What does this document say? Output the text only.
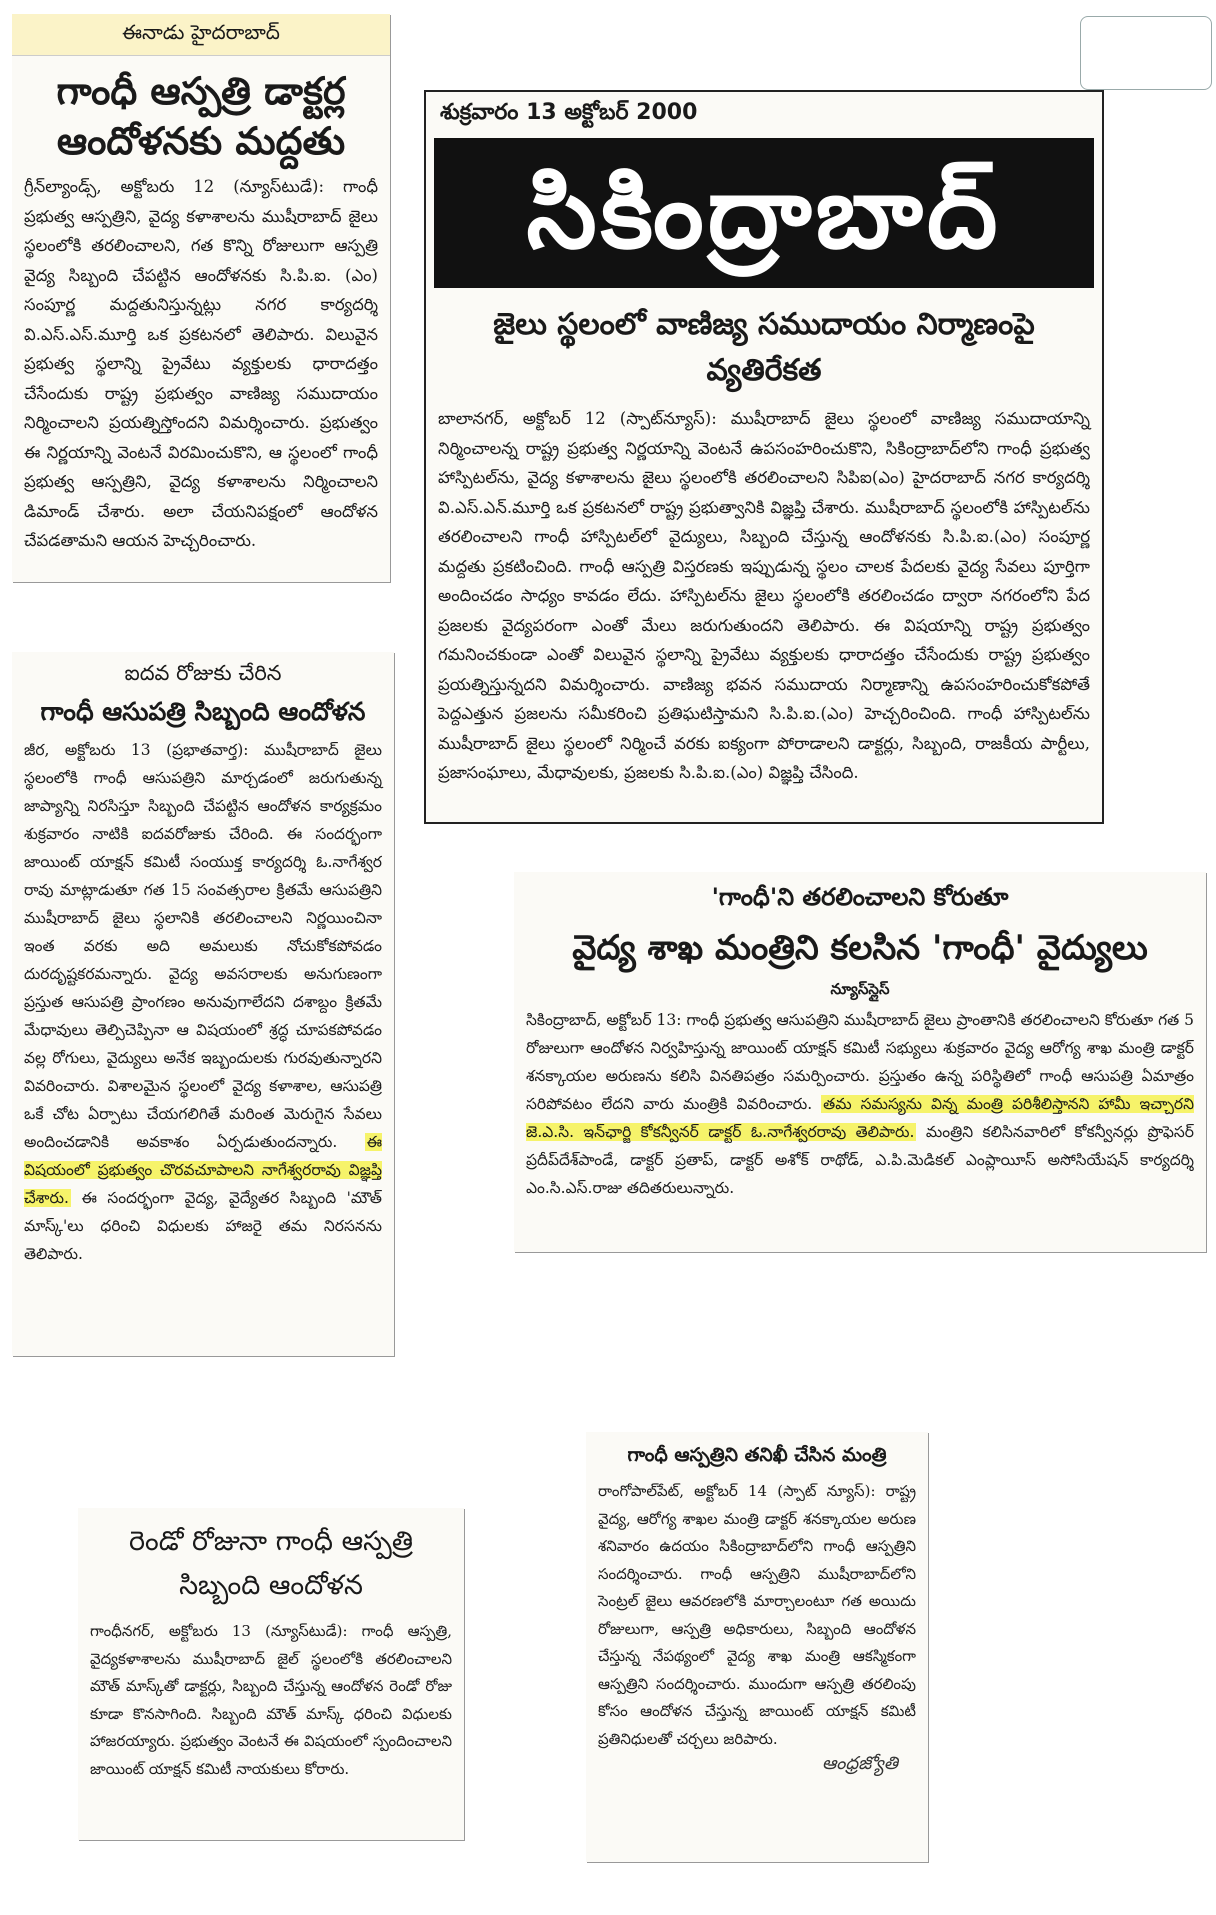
ఈనాడు హైదరాబాద్
గాంధీ ఆస్పత్రి డాక్టర్ల ఆందోళనకు మద్దతు

గ్రీన్‌ల్యాండ్స్, అక్టోబరు 12 (న్యూస్‌టుడే): గాంధీ ప్రభుత్వ ఆస్పత్రిని, వైద్య కళాశాలను ముషీరాబాద్ జైలు స్థలంలోకి తరలించాలని, గత కొన్ని రోజులుగా ఆస్పత్రి వైద్య సిబ్బంది చేపట్టిన ఆందోళనకు సి.పి.ఐ. (ఎం) సంపూర్ణ మద్దతునిస్తున్నట్లు నగర కార్యదర్శి వి.ఎస్.ఎస్.మూర్తి ఒక ప్రకటనలో తెలిపారు. విలువైన ప్రభుత్వ స్థలాన్ని ప్రైవేటు వ్యక్తులకు ధారాదత్తం చేసేందుకు రాష్ట్ర ప్రభుత్వం వాణిజ్య సముదాయం నిర్మించాలని ప్రయత్నిస్తోందని విమర్శించారు. ప్రభుత్వం ఈ నిర్ణయాన్ని వెంటనే విరమించుకొని, ఆ స్థలంలో గాంధీ ప్రభుత్వ ఆస్పత్రిని, వైద్య కళాశాలను నిర్మించాలని డిమాండ్ చేశారు. అలా చేయనిపక్షంలో ఆందోళన చేపడతామని ఆయన హెచ్చరించారు.

శుక్రవారం 13 అక్టోబర్ 2000
సికింద్రాబాద్
జైలు స్థలంలో వాణిజ్య సముదాయం నిర్మాణంపై వ్యతిరేకత

బాలానగర్, అక్టోబర్ 12 (స్పాట్‌న్యూస్): ముషీరాబాద్ జైలు స్థలంలో వాణిజ్య సముదాయాన్ని నిర్మించాలన్న రాష్ట్ర ప్రభుత్వ నిర్ణయాన్ని వెంటనే ఉపసంహరించుకొని, సికింద్రాబాద్‌లోని గాంధీ ప్రభుత్వ హాస్పిటల్‌ను, వైద్య కళాశాలను జైలు స్థలంలోకి తరలించాలని సిపిఐ(ఎం) హైదరాబాద్ నగర కార్యదర్శి వి.ఎస్.ఎన్.మూర్తి ఒక ప్రకటనలో రాష్ట్ర ప్రభుత్వానికి విజ్ఞప్తి చేశారు. ముషీరాబాద్ స్థలంలోకి హాస్పిటల్‌ను తరలించాలని గాంధీ హాస్పిటల్‌లో వైద్యులు, సిబ్బంది చేస్తున్న ఆందోళనకు సి.పి.ఐ.(ఎం) సంపూర్ణ మద్దతు ప్రకటించింది. గాంధీ ఆస్పత్రి విస్తరణకు ఇప్పుడున్న స్థలం చాలక పేదలకు వైద్య సేవలు పూర్తిగా అందించడం సాధ్యం కావడం లేదు. హాస్పిటల్‌ను జైలు స్థలంలోకి తరలించడం ద్వారా నగరంలోని పేద ప్రజలకు వైద్యపరంగా ఎంతో మేలు జరుగుతుందని తెలిపారు. ఈ విషయాన్ని రాష్ట్ర ప్రభుత్వం గమనించకుండా ఎంతో విలువైన స్థలాన్ని ప్రైవేటు వ్యక్తులకు ధారాదత్తం చేసేందుకు రాష్ట్ర ప్రభుత్వం ప్రయత్నిస్తున్నదని విమర్శించారు. వాణిజ్య భవన సముదాయ నిర్మాణాన్ని ఉపసంహరించుకోకపోతే పెద్దఎత్తున ప్రజలను సమీకరించి ప్రతిఘటిస్తామని సి.పి.ఐ.(ఎం) హెచ్చరించింది. గాంధీ హాస్పిటల్‌ను ముషీరాబాద్ జైలు స్థలంలో నిర్మించే వరకు ఐక్యంగా పోరాడాలని డాక్టర్లు, సిబ్బంది, రాజకీయ పార్టీలు, ప్రజాసంఘాలు, మేధావులకు, ప్రజలకు సి.పి.ఐ.(ఎం) విజ్ఞప్తి చేసింది.

ఐదవ రోజుకు చేరిన
గాంధీ ఆసుపత్రి సిబ్బంది ఆందోళన

జీర, అక్టోబరు 13 (ప్రభాతవార్త): ముషీరాబాద్ జైలు స్థలంలోకి గాంధీ ఆసుపత్రిని మార్చడంలో జరుగుతున్న జాప్యాన్ని నిరసిస్తూ సిబ్బంది చేపట్టిన ఆందోళన కార్యక్రమం శుక్రవారం నాటికి ఐదవరోజుకు చేరింది. ఈ సందర్భంగా జాయింట్ యాక్షన్ కమిటీ సంయుక్త కార్యదర్శి ఓ.నాగేశ్వర రావు మాట్లాడుతూ గత 15 సంవత్సరాల క్రితమే ఆసుపత్రిని ముషీరాబాద్ జైలు స్థలానికి తరలించాలని నిర్ణయించినా ఇంత వరకు అది అమలుకు నోచుకోకపోవడం దురదృష్టకరమన్నారు. వైద్య అవసరాలకు అనుగుణంగా ప్రస్తుత ఆసుపత్రి ప్రాంగణం అనువుగాలేదని దశాబ్దం క్రితమే మేధావులు తెల్పిచెప్పినా ఆ విషయంలో శ్రద్ధ చూపకపోవడం వల్ల రోగులు, వైద్యులు అనేక ఇబ్బందులకు గురవుతున్నారని వివరించారు. విశాలమైన స్థలంలో వైద్య కళాశాల, ఆసుపత్రి ఒకే చోట ఏర్పాటు చేయగలిగితే మరింత మెరుగైన సేవలు అందించడానికి అవకాశం ఏర్పడుతుందన్నారు. ఈ విషయంలో ప్రభుత్వం చొరవచూపాలని నాగేశ్వరరావు విజ్ఞప్తి చేశారు. ఈ సందర్భంగా వైద్య, వైద్యేతర సిబ్బంది 'మౌత్ మాస్క్'లు ధరించి విధులకు హాజరై తమ నిరసనను తెలిపారు.

'గాంధీ'ని తరలించాలని కోరుతూ
వైద్య శాఖ మంత్రిని కలసిన 'గాంధీ' వైద్యులు
న్యూస్‌స్లైస్

సికింద్రాబాద్, అక్టోబర్ 13: గాంధీ ప్రభుత్వ ఆసుపత్రిని ముషీరాబాద్ జైలు ప్రాంతానికి తరలించాలని కోరుతూ గత 5 రోజులుగా ఆందోళన నిర్వహిస్తున్న జాయింట్ యాక్షన్ కమిటీ సభ్యులు శుక్రవారం వైద్య ఆరోగ్య శాఖ మంత్రి డాక్టర్ శనక్కాయల అరుణను కలిసి వినతిపత్రం సమర్పించారు. ప్రస్తుతం ఉన్న పరిస్థితిలో గాంధీ ఆసుపత్రి ఏమాత్రం సరిపోవటం లేదని వారు మంత్రికి వివరించారు. తమ సమస్యను విన్న మంత్రి పరిశీలిస్తానని హామీ ఇచ్చారని జె.ఎ.సి. ఇన్‌ఛార్జి కోకన్వీనర్ డాక్టర్ ఓ.నాగేశ్వరరావు తెలిపారు. మంత్రిని కలిసినవారిలో కోకన్వీనర్లు ప్రొఫెసర్ ప్రదీప్‌దేశ్‌పాండే, డాక్టర్ ప్రతాప్, డాక్టర్ అశోక్ రాథోడ్, ఎ.పి.మెడికల్ ఎంప్లాయీస్ అసోసియేషన్ కార్యదర్శి ఎం.సి.ఎస్.రాజు తదితరులున్నారు.

రెండో రోజునా గాంధీ ఆస్పత్రి సిబ్బంది ఆందోళన

గాంధీనగర్, అక్టోబరు 13 (న్యూస్‌టుడే): గాంధీ ఆస్పత్రి, వైద్యకళాశాలను ముషీరాబాద్ జైల్ స్థలంలోకి తరలించాలని మౌత్ మాస్క్‌తో డాక్టర్లు, సిబ్బంది చేస్తున్న ఆందోళన రెండో రోజు కూడా కొనసాగింది. సిబ్బంది మౌత్ మాస్క్ ధరించి విధులకు హాజరయ్యారు. ప్రభుత్వం వెంటనే ఈ విషయంలో స్పందించాలని జాయింట్ యాక్షన్ కమిటీ నాయకులు కోరారు.

గాంధీ ఆస్పత్రిని తనిఖీ చేసిన మంత్రి

రాంగోపాల్‌పేట్, అక్టోబర్ 14 (స్పాట్ న్యూస్): రాష్ట్ర వైద్య, ఆరోగ్య శాఖల మంత్రి డాక్టర్ శనక్కాయల అరుణ శనివారం ఉదయం సికింద్రాబాద్‌లోని గాంధీ ఆస్పత్రిని సందర్శించారు. గాంధీ ఆస్పత్రిని ముషీరాబాద్‌లోని సెంట్రల్ జైలు ఆవరణలోకి మార్చాలంటూ గత అయిదు రోజులుగా, ఆస్పత్రి అధికారులు, సిబ్బంది ఆందోళన చేస్తున్న నేపథ్యంలో వైద్య శాఖ మంత్రి ఆకస్మికంగా ఆస్పత్రిని సందర్శించారు. ముందుగా ఆస్పత్రి తరలింపు కోసం ఆందోళన చేస్తున్న జాయింట్ యాక్షన్ కమిటీ ప్రతినిధులతో చర్చలు జరిపారు.

ఆంధ్రజ్యోతి
